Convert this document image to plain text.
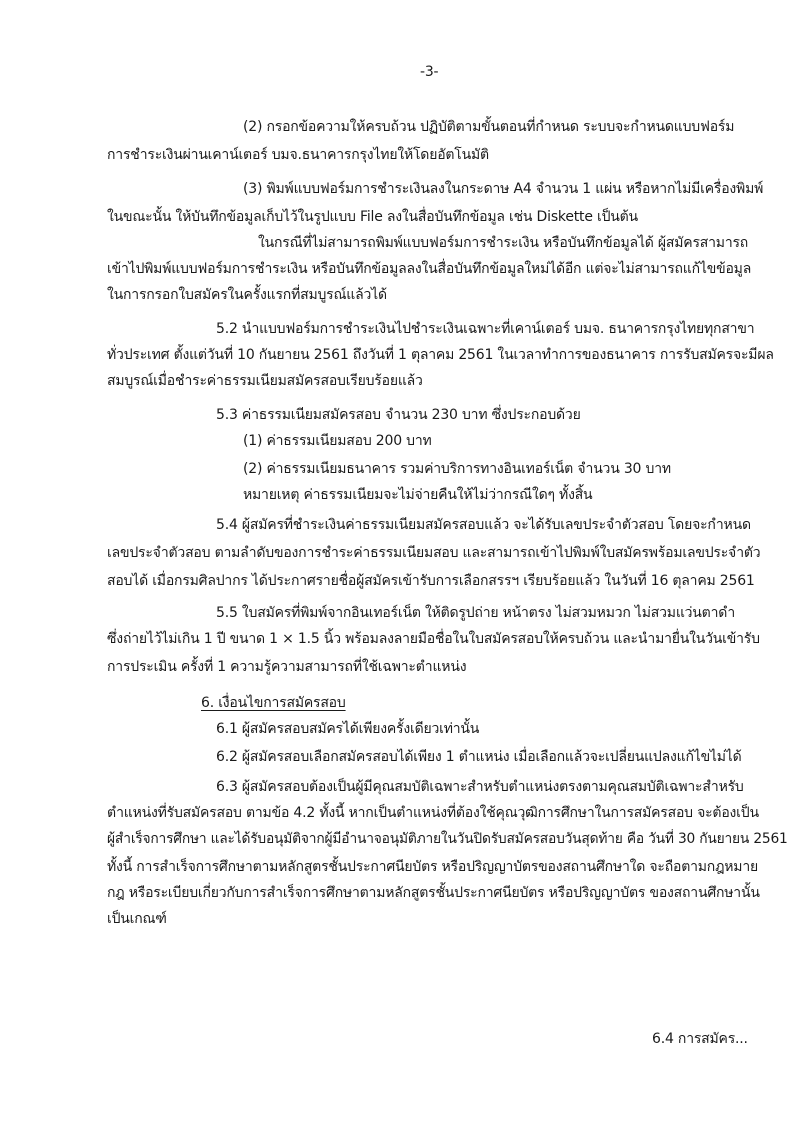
-3-
(2) กรอกข้อความให้ครบถ้วน ปฏิบัติตามขั้นตอนที่กำหนด ระบบจะกำหนดแบบฟอร์ม
การชำระเงินผ่านเคาน์เตอร์ บมจ.ธนาคารกรุงไทยให้โดยอัตโนมัติ
(3) พิมพ์แบบฟอร์มการชำระเงินลงในกระดาษ A4 จำนวน 1 แผ่น หรือหากไม่มีเครื่องพิมพ์
ในขณะนั้น ให้บันทึกข้อมูลเก็บไว้ในรูปแบบ File ลงในสื่อบันทึกข้อมูล เช่น Diskette เป็นต้น
ในกรณีที่ไม่สามารถพิมพ์แบบฟอร์มการชำระเงิน หรือบันทึกข้อมูลได้ ผู้สมัครสามารถ
เข้าไปพิมพ์แบบฟอร์มการชำระเงิน หรือบันทึกข้อมูลลงในสื่อบันทึกข้อมูลใหม่ได้อีก แต่จะไม่สามารถแก้ไขข้อมูล
ในการกรอกใบสมัครในครั้งแรกที่สมบูรณ์แล้วได้
5.2 นำแบบฟอร์มการชำระเงินไปชำระเงินเฉพาะที่เคาน์เตอร์ บมจ. ธนาคารกรุงไทยทุกสาขา
ทั่วประเทศ ตั้งแต่วันที่ 10 กันยายน 2561 ถึงวันที่ 1 ตุลาคม 2561 ในเวลาทำการของธนาคาร การรับสมัครจะมีผล
สมบูรณ์เมื่อชำระค่าธรรมเนียมสมัครสอบเรียบร้อยแล้ว
5.3 ค่าธรรมเนียมสมัครสอบ จำนวน 230 บาท ซึ่งประกอบด้วย
(1) ค่าธรรมเนียมสอบ 200 บาท
(2) ค่าธรรมเนียมธนาคาร รวมค่าบริการทางอินเทอร์เน็ต จำนวน 30 บาท
หมายเหตุ ค่าธรรมเนียมจะไม่จ่ายคืนให้ไม่ว่ากรณีใดๆ ทั้งสิ้น
5.4 ผู้สมัครที่ชำระเงินค่าธรรมเนียมสมัครสอบแล้ว จะได้รับเลขประจำตัวสอบ โดยจะกำหนด
เลขประจำตัวสอบ ตามลำดับของการชำระค่าธรรมเนียมสอบ และสามารถเข้าไปพิมพ์ใบสมัครพร้อมเลขประจำตัว
สอบได้ เมื่อกรมศิลปากร ได้ประกาศรายชื่อผู้สมัครเข้ารับการเลือกสรรฯ เรียบร้อยแล้ว ในวันที่ 16 ตุลาคม 2561
5.5 ใบสมัครที่พิมพ์จากอินเทอร์เน็ต ให้ติดรูปถ่าย หน้าตรง ไม่สวมหมวก ไม่สวมแว่นตาดำ
ซึ่งถ่ายไว้ไม่เกิน 1 ปี ขนาด 1 × 1.5 นิ้ว พร้อมลงลายมือชื่อในใบสมัครสอบให้ครบถ้วน และนำมายื่นในวันเข้ารับ
การประเมิน ครั้งที่ 1 ความรู้ความสามารถที่ใช้เฉพาะตำแหน่ง
6. เงื่อนไขการสมัครสอบ
6.1 ผู้สมัครสอบสมัครได้เพียงครั้งเดียวเท่านั้น
6.2 ผู้สมัครสอบเลือกสมัครสอบได้เพียง 1 ตำแหน่ง เมื่อเลือกแล้วจะเปลี่ยนแปลงแก้ไขไม่ได้
6.3 ผู้สมัครสอบต้องเป็นผู้มีคุณสมบัติเฉพาะสำหรับตำแหน่งตรงตามคุณสมบัติเฉพาะสำหรับ
ตำแหน่งที่รับสมัครสอบ ตามข้อ 4.2 ทั้งนี้ หากเป็นตำแหน่งที่ต้องใช้คุณวุฒิการศึกษาในการสมัครสอบ จะต้องเป็น
ผู้สำเร็จการศึกษา และได้รับอนุมัติจากผู้มีอำนาจอนุมัติภายในวันปิดรับสมัครสอบวันสุดท้าย คือ วันที่ 30 กันยายน 2561
ทั้งนี้ การสำเร็จการศึกษาตามหลักสูตรชั้นประกาศนียบัตร หรือปริญญาบัตรของสถานศึกษาใด จะถือตามกฎหมาย
กฎ หรือระเบียบเกี่ยวกับการสำเร็จการศึกษาตามหลักสูตรชั้นประกาศนียบัตร หรือปริญญาบัตร ของสถานศึกษานั้น
เป็นเกณฑ์
6.4 การสมัคร...
